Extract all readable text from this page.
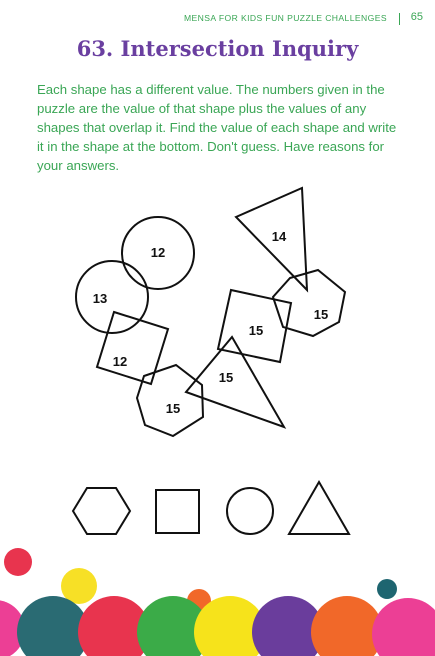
MENSA FOR KIDS FUN PUZZLE CHALLENGES 65
63. Intersection Inquiry

Each shape has a different value. The numbers given in the puzzle are the value of that shape plus the values of any shapes that overlap it. Find the value of each shape and write it in the shape at the bottom. Don't guess. Have reasons for your answers.

12
13
12
15
15
15
14
15
